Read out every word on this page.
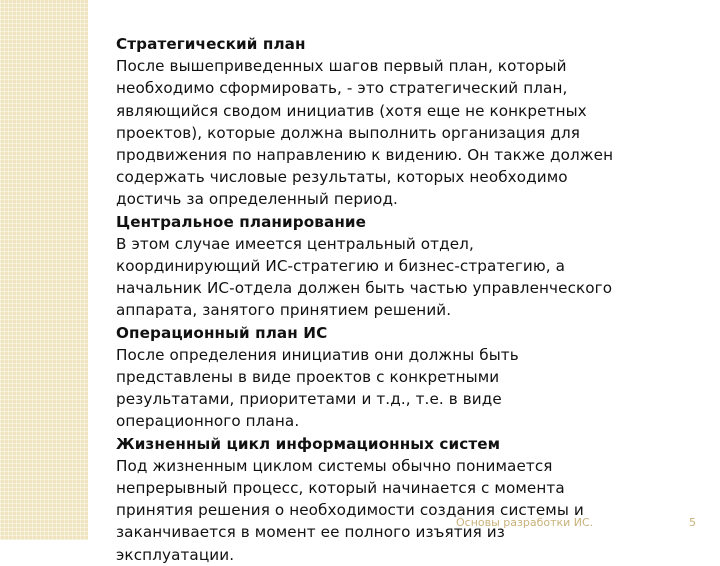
Стратегический план

После вышеприведенных шагов первый план, который
необходимо сформировать, - это стратегический план,
являющийся сводом инициатив (хотя еще не конкретных
проектов), которые должна выполнить организация для
продвижения по направлению к видению. Он также должен
содержать числовые результаты, которых необходимо
достичь за определенный период.

Центральное планирование

В этом случае имеется центральный отдел,
координирующий ИС-стратегию и бизнес-стратегию, а
начальник ИС-отдела должен быть частью управленческого
аппарата, занятого принятием решений.

Операционный план ИС

После определения инициатив они должны быть
представлены в виде проектов с конкретными
результатами, приоритетами и т.д., т.е. в виде
операционного плана.

Жизненный цикл информационных систем

Под жизненным циклом системы обычно понимается
непрерывный процесс, который начинается с момента
принятия решения о необходимости создания системы и
заканчивается в момент ее полного изъятия из
эксплуатации.
Основы разработки ИС.	5
